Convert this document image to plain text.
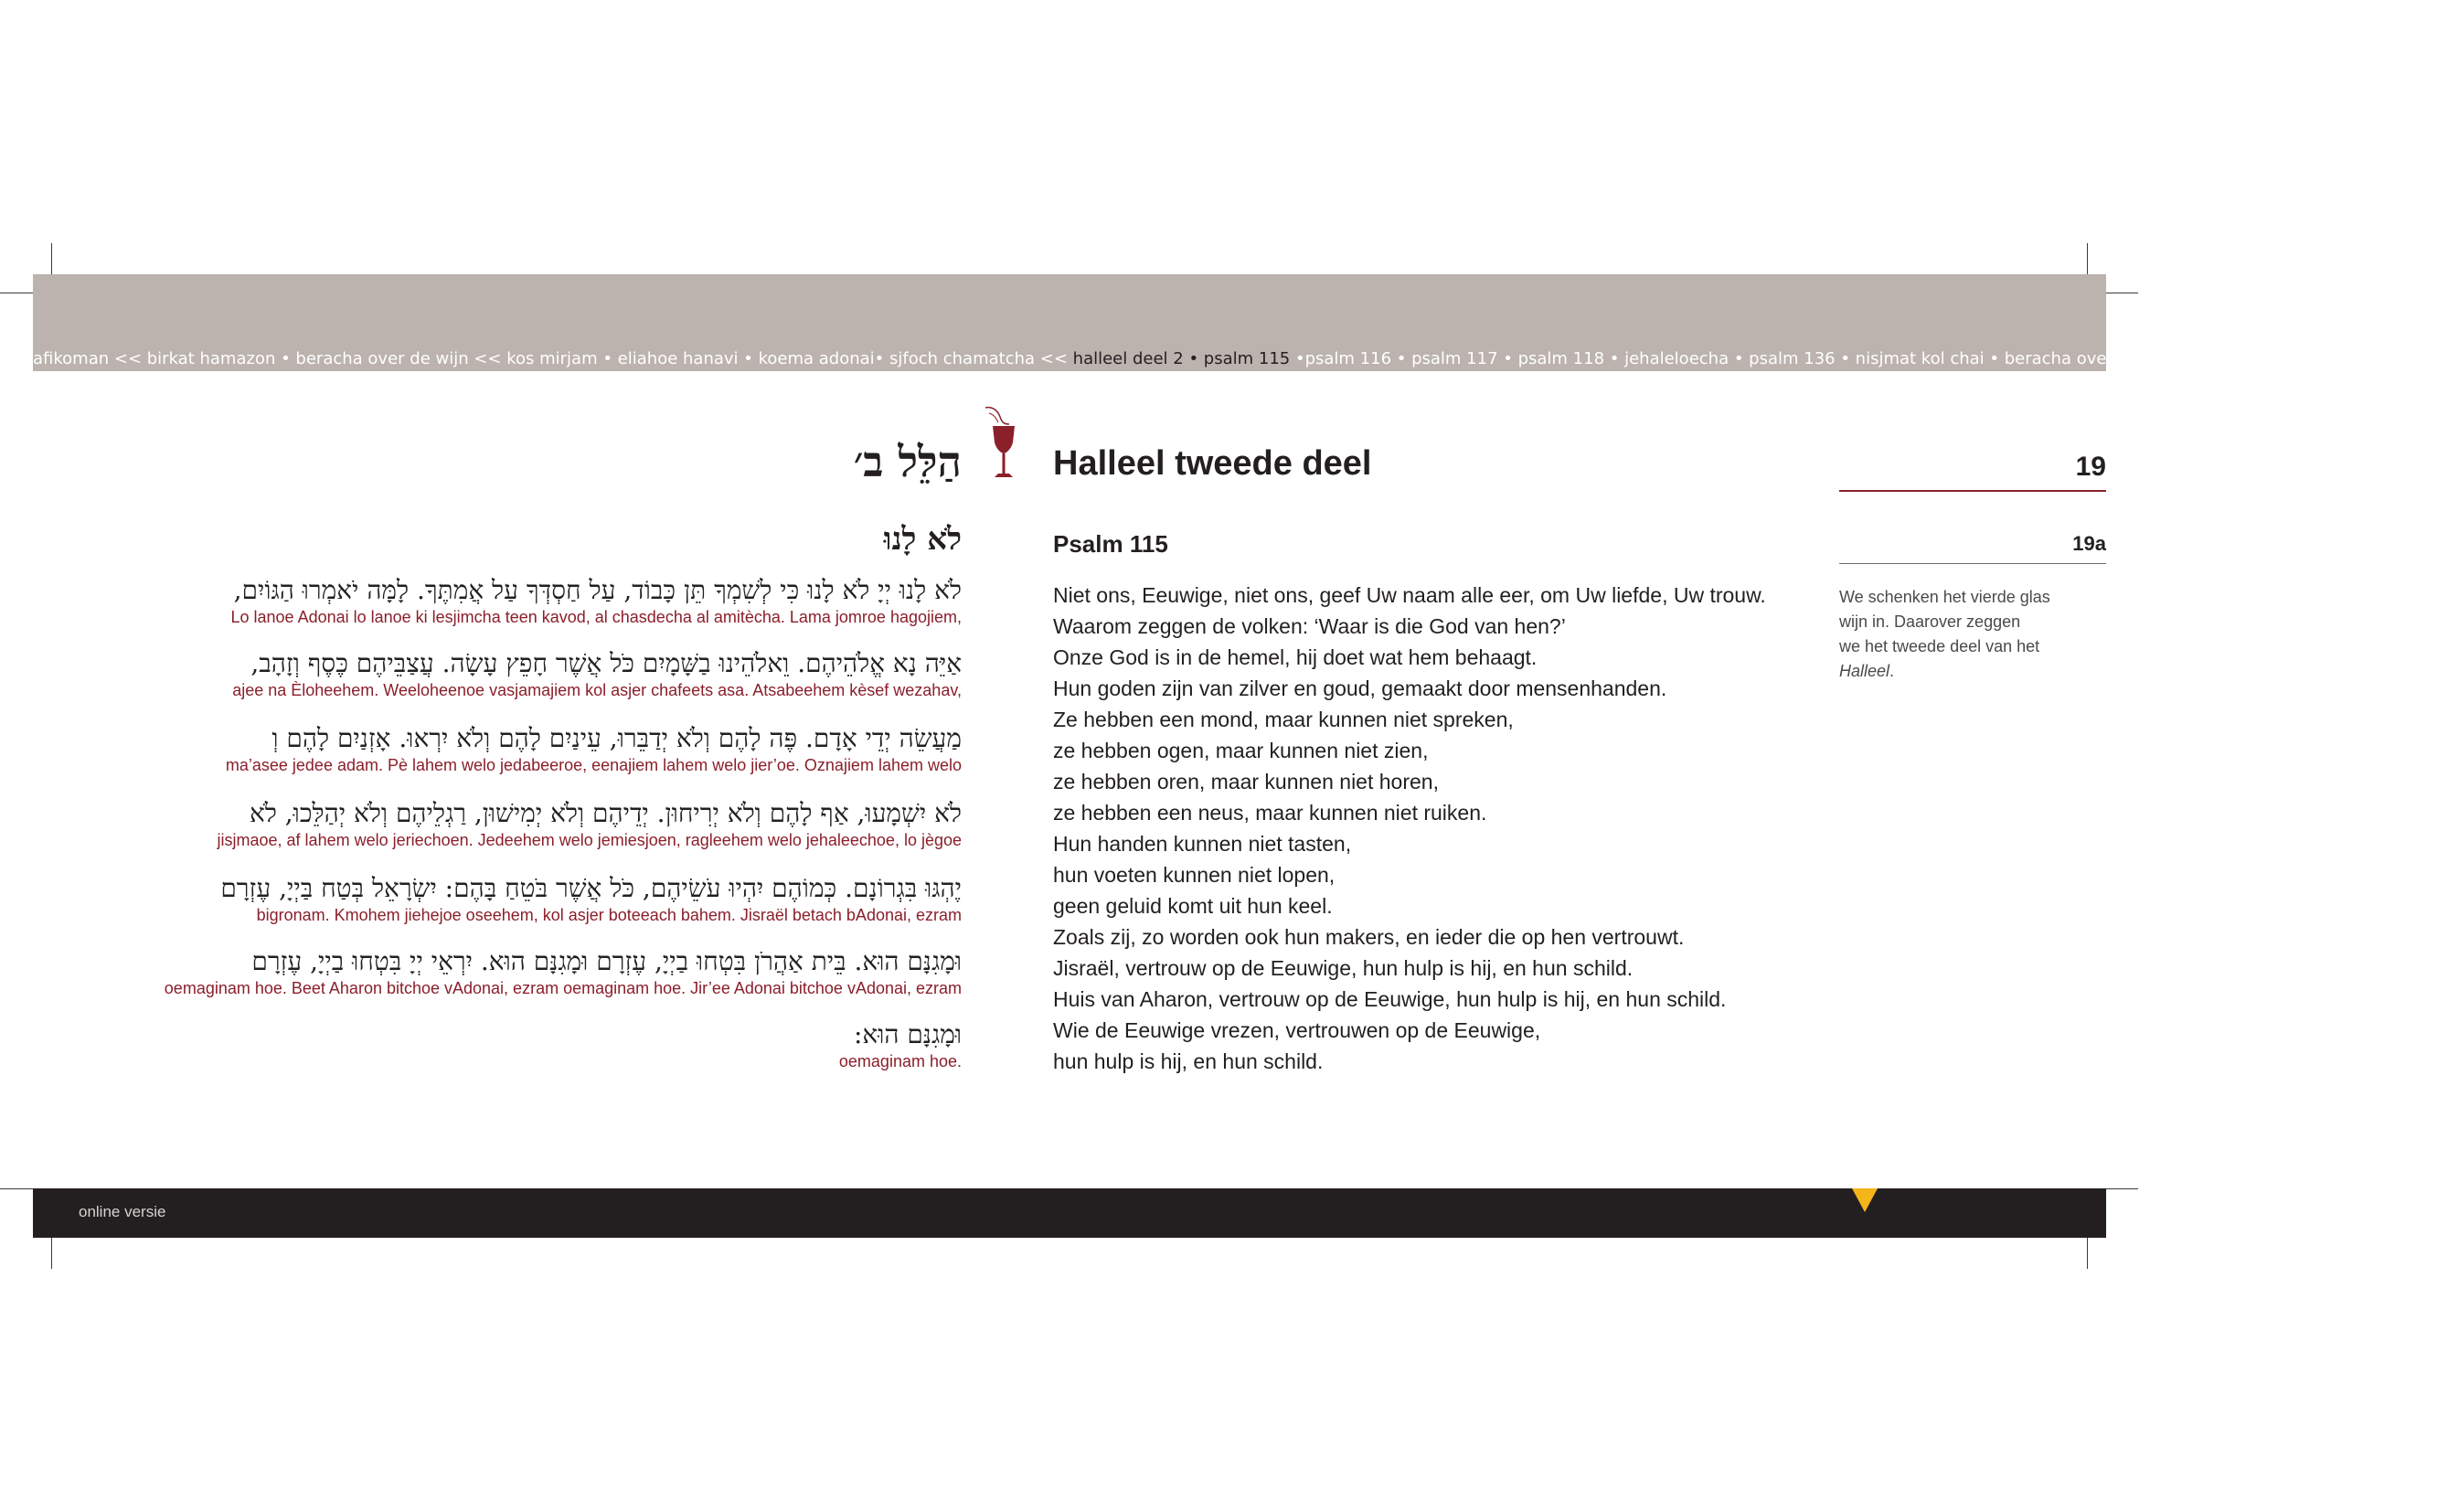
afikoman << birkat hamazon • beracha over de wijn << kos mirjam • eliahoe hanavi • koema adonai• sjfoch chamatcha << halleel deel 2 • psalm 115 •psalm 116 • psalm 117 • psalm 118 • jehaleloecha • psalm 136 • nisjmat kol chai • beracha over de wijn >> na-beracha over de wijn >>
הַלֵּל ב׳
לֹא לָנוּ
לֹא לָנוּ יְיָ לֹא לָנוּ כִּי לְשִׁמְךָ תֵּן כָּבוֹד, עַל חַסְדְּךָ עַל אֲמִתֶּךָ. לָמָּה יֹאמְרוּ הַגּוֹיִם,
Lo lanoe Adonai lo lanoe ki lesjimcha teen kavod, al chasdecha al amitècha. Lama jomroe hagojiem,
אַיֵּה נָא אֱלֹהֵיהֶם. וֵאלֹהֵינוּ בַשָּׁמָיִם כֹּל אֲשֶׁר חָפֵץ עָשָׂה. עֲצַבֵּיהֶם כֶּסֶף וְזָהָב,
ajee na Èloheehem. Weeloheenoe vasjamajiem kol asjer chafeets asa. Atsabeehem kèsef wezahav,
מַעֲשֵׂה יְדֵי אָדָם. פֶּה לָהֶם וְלֹא יְדַבֵּרוּ, עֵינַיִם לָהֶם וְלֹא יִרְאוּ. אָזְנַיִם לָהֶם וְ
ma’asee jedee adam. Pè lahem welo jedabeeroe, eenajiem lahem welo jier’oe. Oznajiem lahem welo
לֹא יִשְׁמָעוּ, אַף לָהֶם וְלֹא יְרִיחוּן. יְדֵיהֶם וְלֹא יְמִישׁוּן, רַגְלֵיהֶם וְלֹא יְהַלֵּכוּ, לֹא
jisjmaoe, af lahem welo jeriechoen. Jedeehem welo jemiesjoen, ragleehem welo jehaleechoe, lo jègoe
יֶהְגּוּ בִּגְרוֹנָם. כְּמוֹהֶם יִהְיוּ עֹשֵׂיהֶם, כֹּל אֲשֶׁר בֹּטֵחַ בָּהֶם: יִשְׂרָאֵל בְּטַח בַּיְיָ, עֶזְרָם
bigronam. Kmohem jiehejoe oseehem, kol asjer boteeach bahem. Jisraël betach bAdonai, ezram
וּמָגִנָּם הוּא. בֵּית אַהֲרֹן בִּטְחוּ בַיְיָ, עֶזְרָם וּמָגִנָּם הוּא. יִרְאֵי יְיָ בִּטְחוּ בַיְיָ, עֶזְרָם
oemaginam hoe. Beet Aharon bitchoe vAdonai, ezram oemaginam hoe. Jir’ee Adonai bitchoe vAdonai, ezram
וּמָגִנָּם הוּא:
oemaginam hoe.
Halleel tweede deel
Psalm 115
Niet ons, Eeuwige, niet ons, geef Uw naam alle eer, om Uw liefde, Uw trouw.
Waarom zeggen de volken: ‘Waar is die God van hen?’
Onze God is in de hemel, hij doet wat hem behaagt.
Hun goden zijn van zilver en goud, gemaakt door mensenhanden.
Ze hebben een mond, maar kunnen niet spreken,
ze hebben ogen, maar kunnen niet zien,
ze hebben oren, maar kunnen niet horen,
ze hebben een neus, maar kunnen niet ruiken.
Hun handen kunnen niet tasten,
hun voeten kunnen niet lopen,
geen geluid komt uit hun keel.
Zoals zij, zo worden ook hun makers, en ieder die op hen vertrouwt.
Jisraël, vertrouw op de Eeuwige, hun hulp is hij, en hun schild.
Huis van Aharon, vertrouw op de Eeuwige, hun hulp is hij, en hun schild.
Wie de Eeuwige vrezen, vertrouwen op de Eeuwige,
hun hulp is hij, en hun schild.
19
19a
We schenken het vierde glas
wijn in. Daarover zeggen
we het tweede deel van het
Halleel.
online versie
